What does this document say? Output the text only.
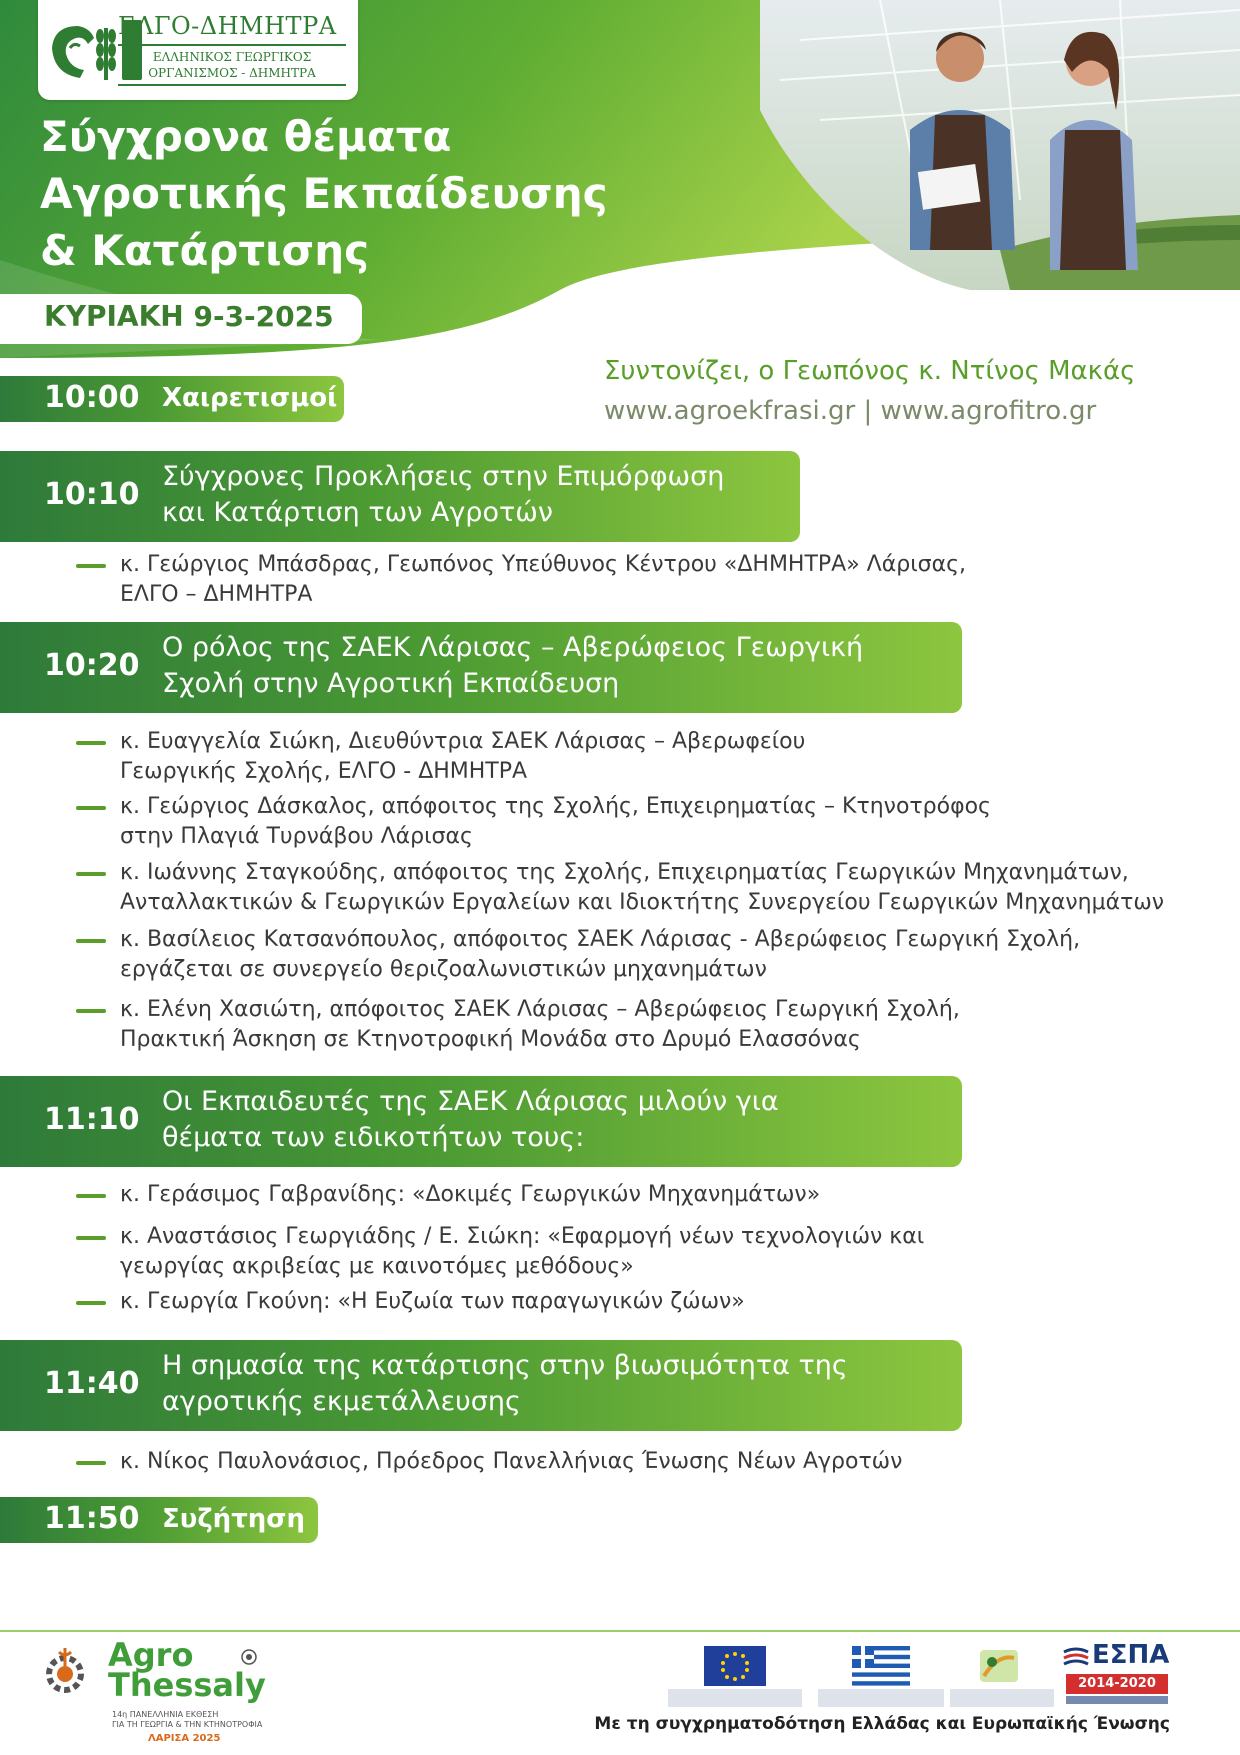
ΕΛΓΟ-ΔΗΜΗΤΡΑ
ΕΛΛΗΝΙΚΟΣ ΓΕΩΡΓΙΚΟΣ
ΟΡΓΑΝΙΣΜΟΣ - ΔΗΜΗΤΡΑ
Σύγχρονα θέματα
Αγροτικής Εκπαίδευσης
& Κατάρτισης
ΚΥΡΙΑΚΗ 9-3-2025
Συντονίζει, ο Γεωπόνος κ. Ντίνος Μακάς
www.agroekfrasi.gr | www.agrofitro.gr
10:00 Χαιρετισμοί
10:10
Σύγχρονες Προκλήσεις στην Επιμόρφωση
και Κατάρτιση των Αγροτών
κ. Γεώργιος Μπάσδρας, Γεωπόνος Υπεύθυνος Κέντρου «ΔΗΜΗΤΡΑ» Λάρισας,
ΕΛΓΟ – ΔΗΜΗΤΡΑ
10:20
Ο ρόλος της ΣΑΕΚ Λάρισας – Αβερώφειος Γεωργική
Σχολή στην Αγροτική Εκπαίδευση
κ. Ευαγγελία Σιώκη, Διευθύντρια ΣΑΕΚ Λάρισας – Αβερωφείου
Γεωργικής Σχολής, ΕΛΓΟ - ΔΗΜΗΤΡΑ
κ. Γεώργιος Δάσκαλος, απόφοιτος της Σχολής, Επιχειρηματίας – Κτηνοτρόφος
στην Πλαγιά Τυρνάβου Λάρισας
κ. Ιωάννης Σταγκούδης, απόφοιτος της Σχολής, Επιχειρηματίας Γεωργικών Μηχανημάτων,
Ανταλλακτικών & Γεωργικών Εργαλείων και Ιδιοκτήτης Συνεργείου Γεωργικών Μηχανημάτων
κ. Βασίλειος Κατσανόπουλος, απόφοιτος ΣΑΕΚ Λάρισας - Αβερώφειος Γεωργική Σχολή,
εργάζεται σε συνεργείο θεριζοαλωνιστικών μηχανημάτων
κ. Ελένη Χασιώτη, απόφοιτος ΣΑΕΚ Λάρισας – Αβερώφειος Γεωργική Σχολή,
Πρακτική Άσκηση σε Κτηνοτροφική Μονάδα στο Δρυμό Ελασσόνας
11:10
Οι Εκπαιδευτές της ΣΑΕΚ Λάρισας μιλούν για
θέματα των ειδικοτήτων τους:
κ. Γεράσιμος Γαβρανίδης: «Δοκιμές Γεωργικών Μηχανημάτων»
κ. Αναστάσιος Γεωργιάδης / Ε. Σιώκη: «Εφαρμογή νέων τεχνολογιών και
γεωργίας ακριβείας με καινοτόμες μεθόδους»
κ. Γεωργία Γκούνη: «Η Ευζωία των παραγωγικών ζώων»
11:40
Η σημασία της κατάρτισης στην βιωσιμότητα της
αγροτικής εκμετάλλευσης
κ. Νίκος Παυλονάσιος, Πρόεδρος Πανελλήνιας Ένωσης Νέων Αγροτών
11:50 Συζήτηση
Agro
Thessaly
14η ΠΑΝΕΛΛΗΝΙΑ ΕΚΘΕΣΗ
ΓΙΑ ΤΗ ΓΕΩΡΓΙΑ & ΤΗΝ ΚΤΗΝΟΤΡΟΦΙΑ
ΛΑΡΙΣΑ 2025
ΕΣΠΑ
2014-2020
Με τη συγχρηματοδότηση Ελλάδας και Ευρωπαϊκής Ένωσης
